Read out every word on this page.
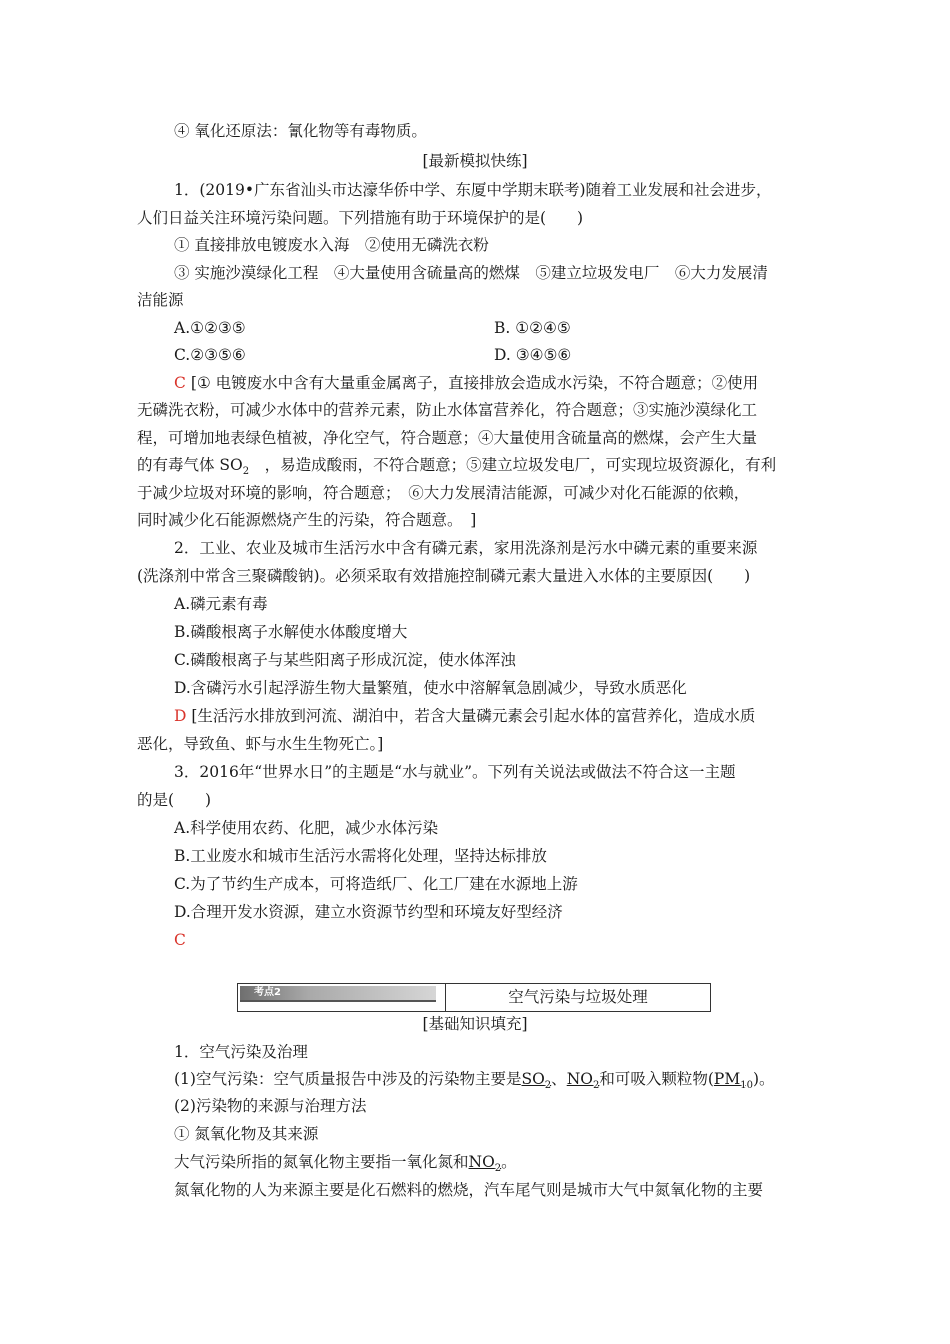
④ 氧化还原法：氰化物等有毒物质。
[最新模拟快练]
1．(2019•广东省汕头市达濠华侨中学、东厦中学期末联考)随着工业发展和社会进步，
人们日益关注环境污染问题。下列措施有助于环境保护的是(　　)
① 直接排放电镀废水入海　②使用无磷洗衣粉
③ 实施沙漠绿化工程　④大量使用含硫量高的燃煤　⑤建立垃圾发电厂　⑥大力发展清
洁能源
A.①②③⑤	B. ①②④⑤
C.②③⑤⑥	D. ③④⑤⑥
C [① 电镀废水中含有大量重金属离子，直接排放会造成水污染，不符合题意；②使用
无磷洗衣粉，可减少水体中的营养元素，防止水体富营养化，符合题意；③实施沙漠绿化工
程，可增加地表绿色植被，净化空气，符合题意；④大量使用含硫量高的燃煤，会产生大量
的有毒气体 $SO_2$　，易造成酸雨，不符合题意；⑤建立垃圾发电厂，可实现垃圾资源化，有利
于减少垃圾对环境的影响，符合题意；　⑥大力发展清洁能源，可减少对化石能源的依赖，
同时减少化石能源燃烧产生的污染，符合题意。　]
2．工业、农业及城市生活污水中含有磷元素，家用洗涤剂是污水中磷元素的重要来源
(洗涤剂中常含三聚磷酸钠)。必须采取有效措施控制磷元素大量进入水体的主要原因(　　)
A.磷元素有毒
B.磷酸根离子水解使水体酸度增大
C.磷酸根离子与某些阳离子形成沉淀，使水体浑浊
D.含磷污水引起浮游生物大量繁殖，使水中溶解氧急剧减少，导致水质恶化
D [生活污水排放到河流、湖泊中，若含大量磷元素会引起水体的富营养化，造成水质
恶化，导致鱼、虾与水生生物死亡。]
3．2016年“世界水日”的主题是“水与就业”。下列有关说法或做法不符合这一主题
的是(　　)
A.科学使用农药、化肥，减少水体污染
B.工业废水和城市生活污水需将化处理，坚持达标排放
C.为了节约生产成本，可将造纸厂、化工厂建在水源地上游
D.合理开发水资源，建立水资源节约型和环境友好型经济
C
考点2	空气污染与垃圾处理
[基础知识填充]
1．空气污染及治理
(1)空气污染：空气质量报告中涉及的污染物主要是$SO_2$、$NO_2$和可吸入颗粒物$(PM_{10})$。
(2)污染物的来源与治理方法
① 氮氧化物及其来源
大气污染所指的氮氧化物主要指一氧化氮和$NO_2$。
氮氧化物的人为来源主要是化石燃料的燃烧，汽车尾气则是城市大气中氮氧化物的主要
